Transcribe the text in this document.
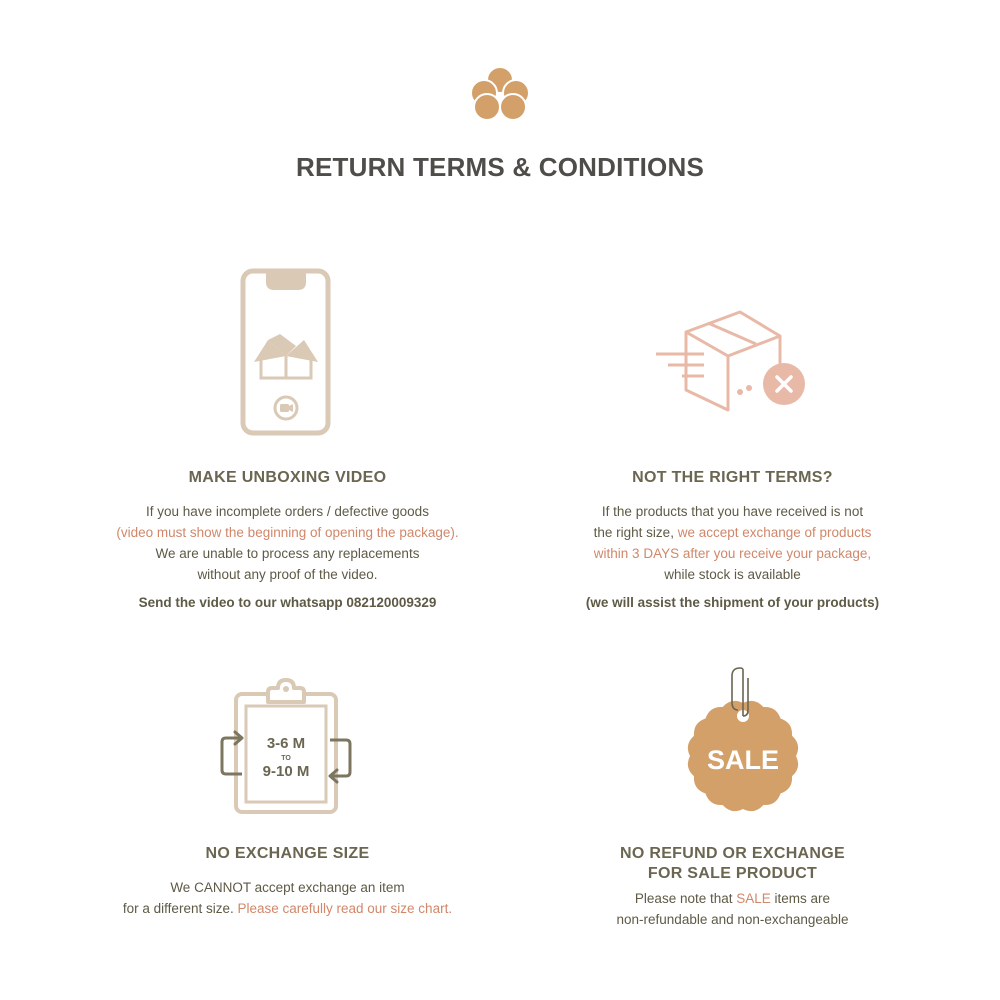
RETURN TERMS & CONDITIONS
MAKE UNBOXING VIDEO

If you have incomplete orders / defective goods
(video must show the beginning of opening the package).
We are unable to process any replacements
without any proof of the video.

Send the video to our whatsapp 082120009329

NOT THE RIGHT TERMS?

If the products that you have received is not
the right size, we accept exchange of products
within 3 DAYS after you receive your package,
while stock is available

(we will assist the shipment of your products)

3-6 M
TO
9-10 M	SALE
NO EXCHANGE SIZE

We CANNOT accept exchange an item
for a different size. Please carefully read our size chart.

NO REFUND OR EXCHANGE
FOR SALE PRODUCT

Please note that SALE items are
non-refundable and non-exchangeable
